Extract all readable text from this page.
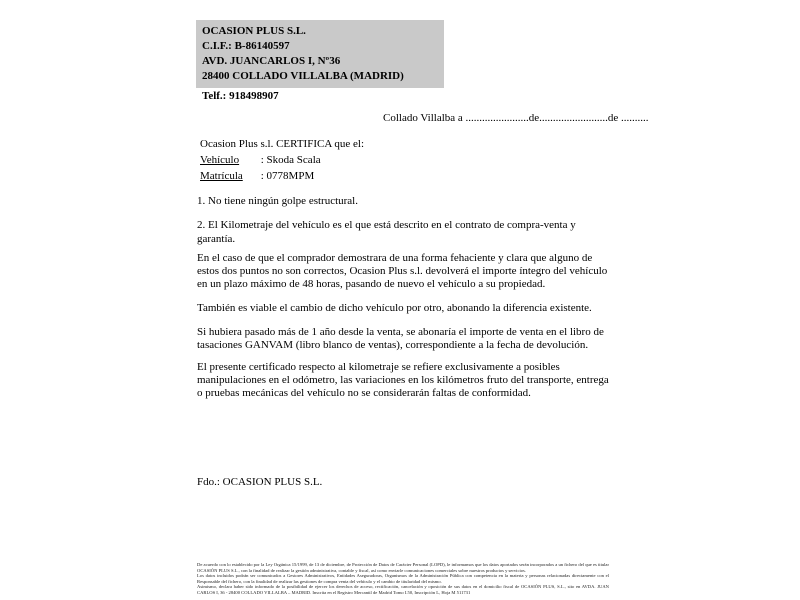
OCASION PLUS S.L.
C.I.F.: B-86140597
AVD. JUANCARLOS I, Nº36
28400 COLLADO VILLALBA (MADRID)
Telf.: 918498907
Collado Villalba a .......................de.........................de ..........
Ocasion Plus s.l. CERTIFICA que el:
Vehículo : Skoda Scala
Matrícula : 0778MPM

1. No tiene ningún golpe estructural.

2. El Kilometraje del vehículo es el que está descrito en el contrato de compra-venta y garantía.

En el caso de que el comprador demostrara de una forma fehaciente y clara que alguno de estos dos puntos no son correctos, Ocasion Plus s.l. devolverá el importe íntegro del vehículo en un plazo máximo de 48 horas, pasando de nuevo el vehículo a su propiedad.

También es viable el cambio de dicho vehículo por otro, abonando la diferencia existente.

Si hubiera pasado más de 1 año desde la venta, se abonaría el importe de venta en el libro de tasaciones GANVAM (libro blanco de ventas), correspondiente a la fecha de devolución.

El presente certificado respecto al kilometraje se refiere exclusivamente a posibles manipulaciones en el odómetro, las variaciones en los kilómetros fruto del transporte, entrega o pruebas mecánicas del vehículo no se considerarán faltas de conformidad.

Fdo.: OCASION PLUS S.L.

De acuerdo con lo establecido por la Ley Orgánica 15/1999, de 13 de diciembre, de Protección de Datos de Carácter Personal (LOPD), le informamos que los datos aportados serán incorporados a un fichero del que es titular OCASIÓN PLUS S.L., con la finalidad de realizar la gestión administrativa, contable y fiscal, así como enviarle comunicaciones comerciales sobre nuestros productos y servicios.

Los datos incluidos podrán ser comunicados a Gestores Administrativos, Entidades Aseguradoras, Organismos de la Administración Pública con competencia en la materia y personas relacionadas directamente con el Responsable del fichero, con la finalidad de realizar las gestiones de compra venta del vehículo y el cambio de titularidad del mismo.

Asimismo, declara haber sido informado de la posibilidad de ejercer los derechos de acceso, rectificación, cancelación y oposición de sus datos en el domicilio fiscal de OCASIÓN PLUS, S.L., sito en AVDA. JUAN CARLOS I, 36 - 28400 COLLADO VILLALBA – MADRID. Inscrita en el Registro Mercantil de Madrid Tomo I.50, Inscripción L, Hoja M 511731
